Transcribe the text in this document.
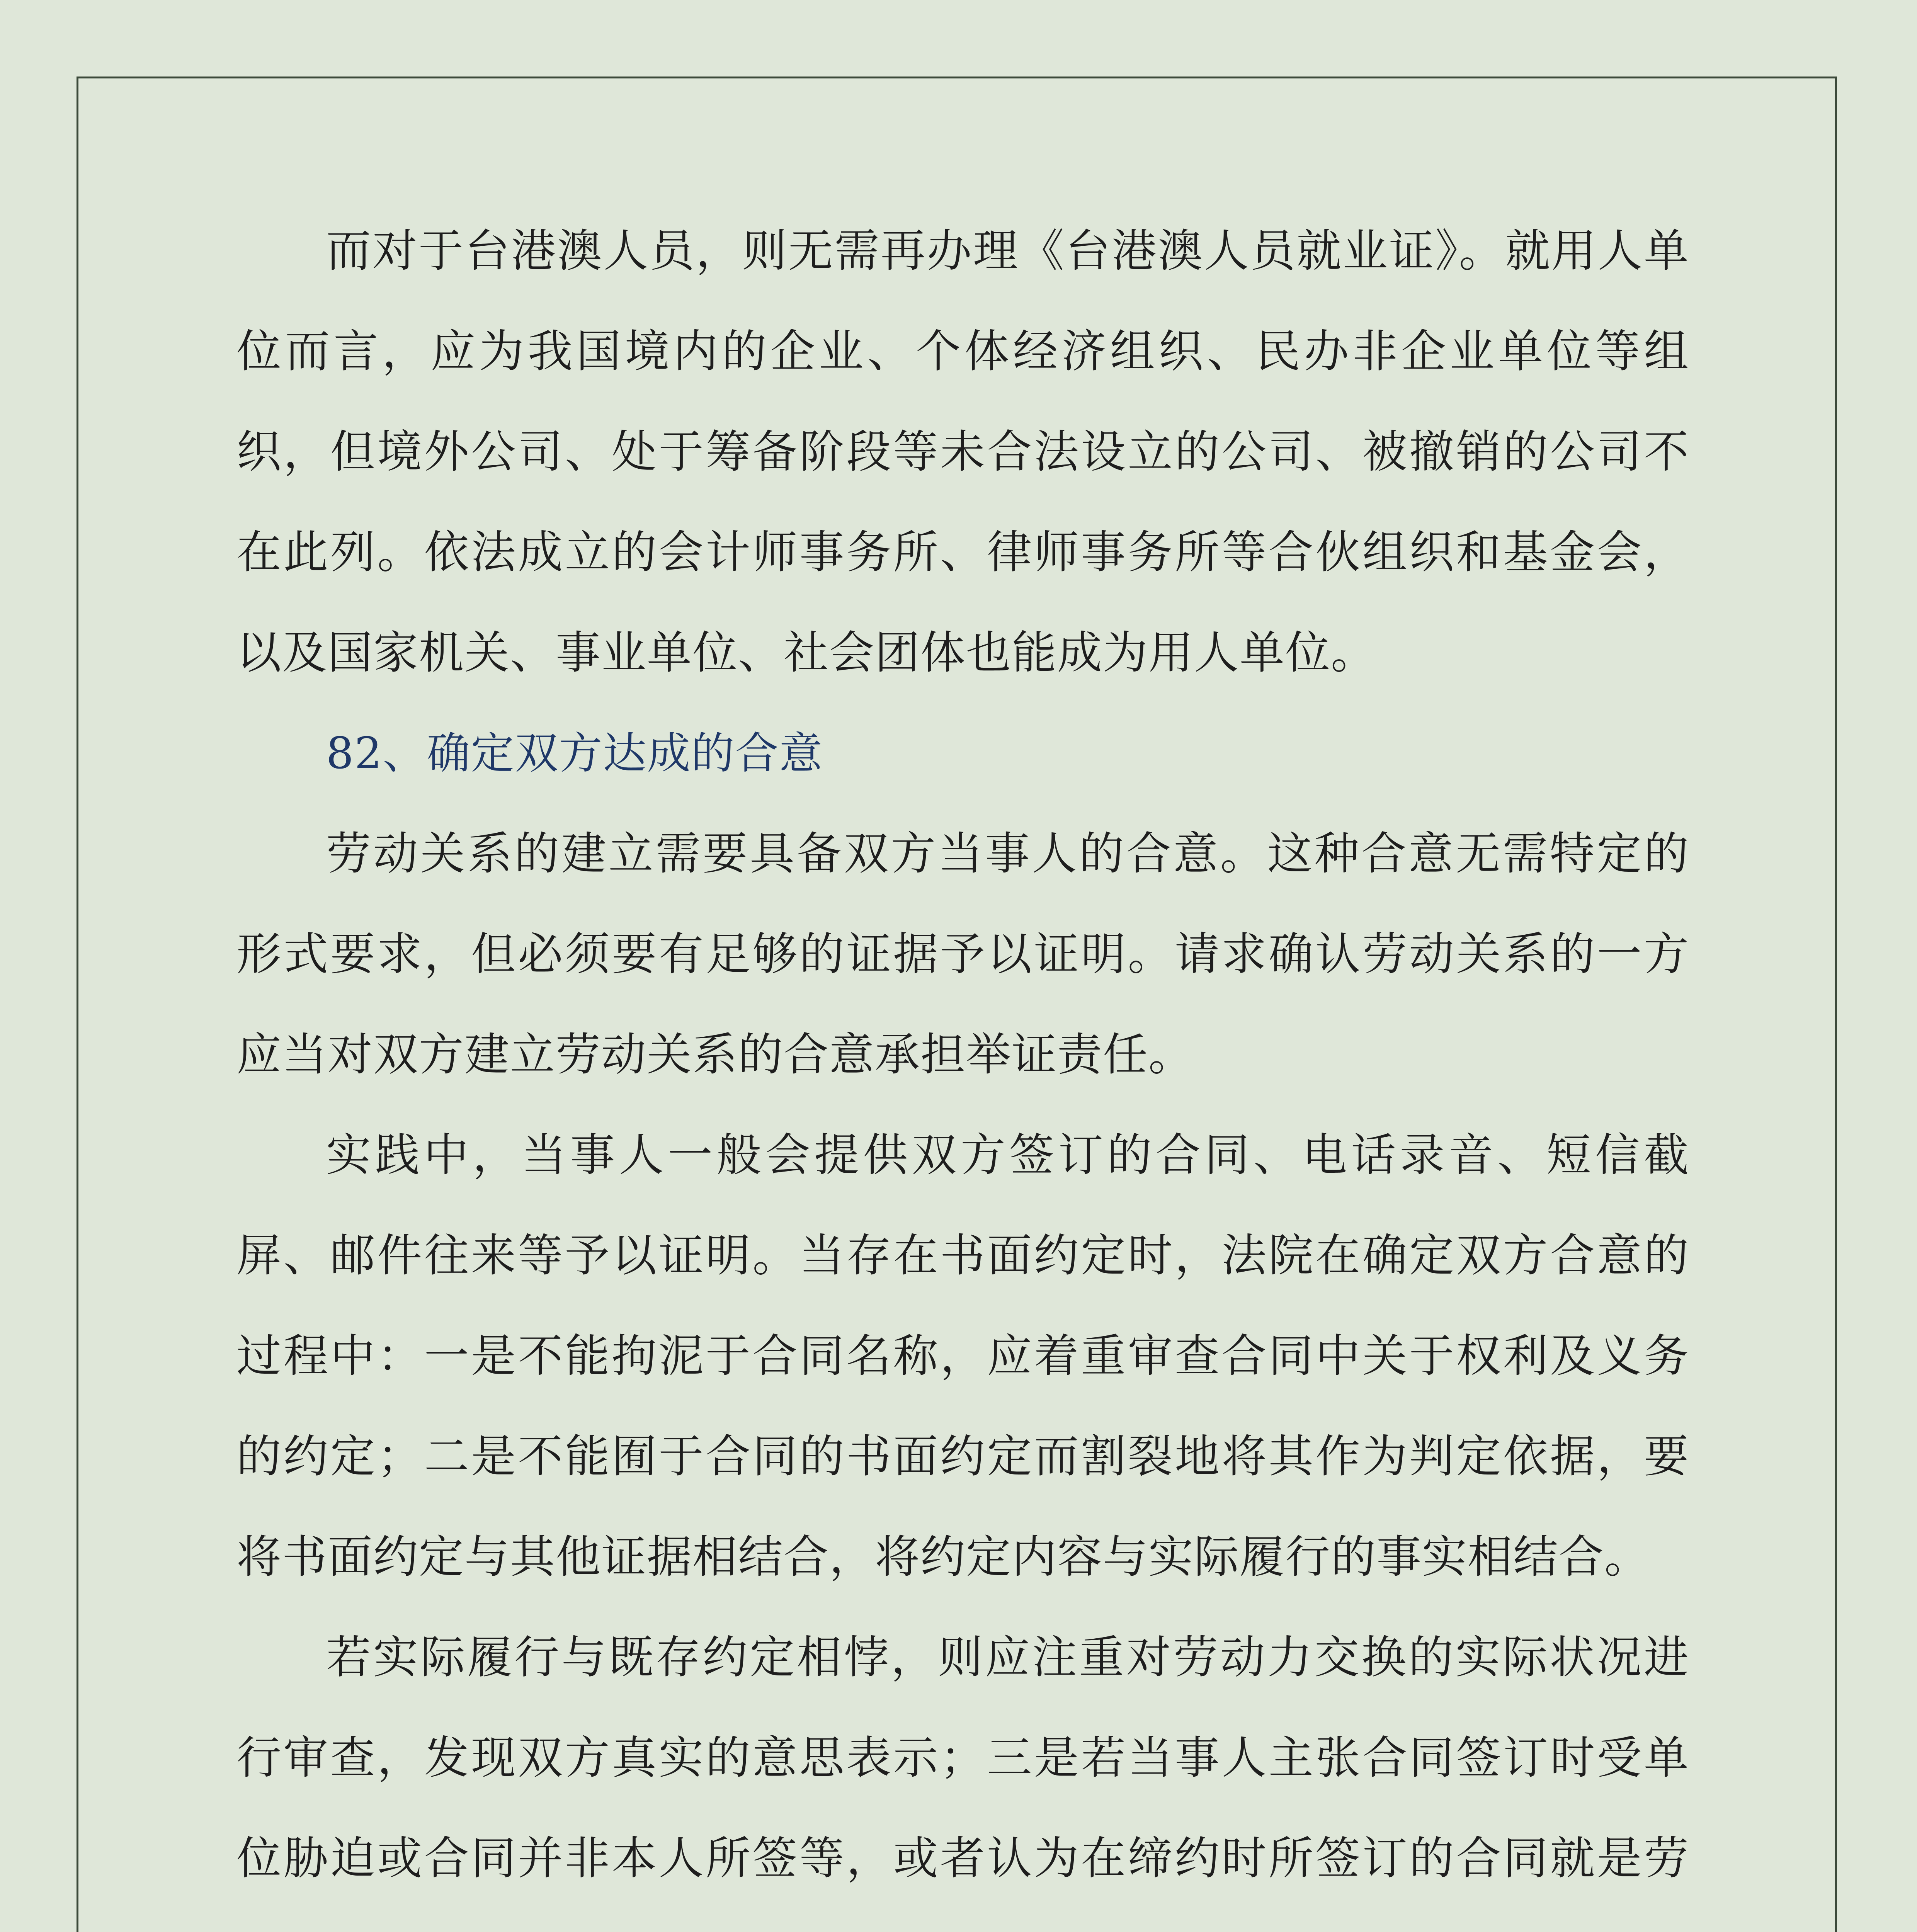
而对于台港澳人员，则无需再办理《台港澳人员就业证》。就用人单位而言，应为我国境内的企业、个体经济组织、民办非企业单位等组织，但境外公司、处于筹备阶段等未合法设立的公司、被撤销的公司不在此列。依法成立的会计师事务所、律师事务所等合伙组织和基金会，以及国家机关、事业单位、社会团体也能成为用人单位。

82、确定双方达成的合意

劳动关系的建立需要具备双方当事人的合意。这种合意无需特定的形式要求，但必须要有足够的证据予以证明。请求确认劳动关系的一方应当对双方建立劳动关系的合意承担举证责任。

实践中，当事人一般会提供双方签订的合同、电话录音、短信截屏、邮件往来等予以证明。当存在书面约定时，法院在确定双方合意的过程中：一是不能拘泥于合同名称，应着重审查合同中关于权利及义务的约定；二是不能囿于合同的书面约定而割裂地将其作为判定依据，要将书面约定与其他证据相结合，将约定内容与实际履行的事实相结合。

若实际履行与既存约定相悖，则应注重对劳动力交换的实际状况进行审查，发现双方真实的意思表示；三是若当事人主张合同签订时受单位胁迫或合同并非本人所签等，或者认为在缔约时所签订的合同就是劳
